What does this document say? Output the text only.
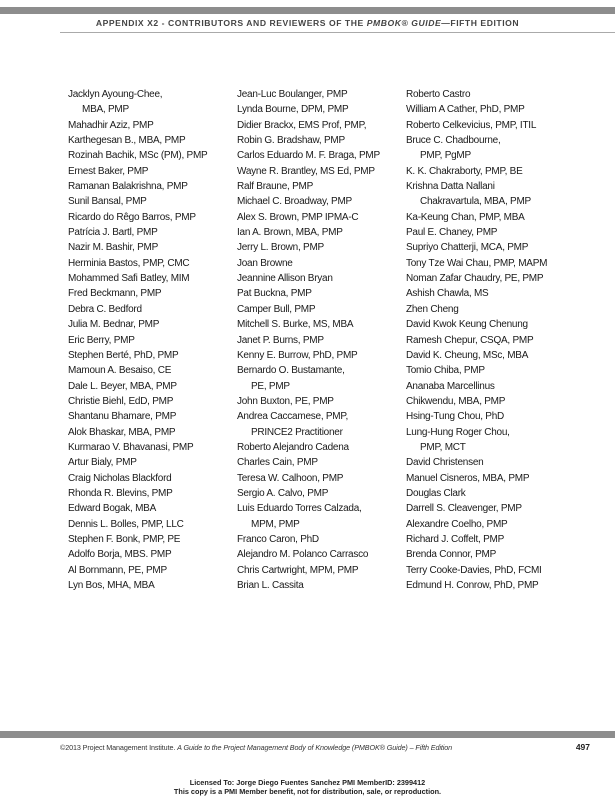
APPENDIX X2 - CONTRIBUTORS AND REVIEWERS OF THE PMBOK® GUIDE—FIFTH EDITION
Jacklyn Ayoung-Chee,
MBA, PMP
Mahadhir Aziz, PMP
Karthegesan B., MBA, PMP
Rozinah Bachik, MSc (PM), PMP
Ernest Baker, PMP
Ramanan Balakrishna, PMP
Sunil Bansal, PMP
Ricardo do Rêgo Barros, PMP
Patrícia J. Bartl, PMP
Nazir M. Bashir, PMP
Herminia Bastos, PMP, CMC
Mohammed Safi Batley, MIM
Fred Beckmann, PMP
Debra C. Bedford
Julia M. Bednar, PMP
Eric Berry, PMP
Stephen Berté, PhD, PMP
Mamoun A. Besaiso, CE
Dale L. Beyer, MBA, PMP
Christie Biehl, EdD, PMP
Shantanu Bhamare, PMP
Alok Bhaskar, MBA, PMP
Kurmarao V. Bhavanasi, PMP
Artur Bialy, PMP
Craig Nicholas Blackford
Rhonda R. Blevins, PMP
Edward Bogak, MBA
Dennis L. Bolles, PMP, LLC
Stephen F. Bonk, PMP, PE
Adolfo Borja, MBS. PMP
Al Bornmann, PE, PMP
Lyn Bos, MHA, MBA
Jean-Luc Boulanger, PMP
Lynda Bourne, DPM, PMP
Didier Brackx, EMS Prof, PMP,
Robin G. Bradshaw, PMP
Carlos Eduardo M. F. Braga, PMP
Wayne R. Brantley, MS Ed, PMP
Ralf Braune, PMP
Michael C. Broadway, PMP
Alex S. Brown, PMP IPMA-C
Ian A. Brown, MBA, PMP
Jerry L. Brown, PMP
Joan Browne
Jeannine Allison Bryan
Pat Buckna, PMP
Camper Bull, PMP
Mitchell S. Burke, MS, MBA
Janet P. Burns, PMP
Kenny E. Burrow, PhD, PMP
Bernardo O. Bustamante,
PE, PMP
John Buxton, PE, PMP
Andrea Caccamese, PMP,
PRINCE2 Practitioner
Roberto Alejandro Cadena
Charles Cain, PMP
Teresa W. Calhoon, PMP
Sergio A. Calvo, PMP
Luis Eduardo Torres Calzada,
MPM, PMP
Franco Caron, PhD
Alejandro M. Polanco Carrasco
Chris Cartwright, MPM, PMP
Brian L. Cassita
Roberto Castro
William A Cather, PhD, PMP
Roberto Celkevicius, PMP, ITIL
Bruce C. Chadbourne,
PMP, PgMP
K. K. Chakraborty, PMP, BE
Krishna Datta Nallani
Chakravartula, MBA, PMP
Ka-Keung Chan, PMP, MBA
Paul E. Chaney, PMP
Supriyo Chatterji, MCA, PMP
Tony Tze Wai Chau, PMP, MAPM
Noman Zafar Chaudry, PE, PMP
Ashish Chawla, MS
Zhen Cheng
David Kwok Keung Chenung
Ramesh Chepur, CSQA, PMP
David K. Cheung, MSc, MBA
Tomio Chiba, PMP
Ananaba Marcellinus
Chikwendu, MBA, PMP
Hsing-Tung Chou, PhD
Lung-Hung Roger Chou,
PMP, MCT
David Christensen
Manuel Cisneros, MBA, PMP
Douglas Clark
Darrell S. Cleavenger, PMP
Alexandre Coelho, PMP
Richard J. Coffelt, PMP
Brenda Connor, PMP
Terry Cooke-Davies, PhD, FCMI
Edmund H. Conrow, PhD, PMP
©2013 Project Management Institute. A Guide to the Project Management Body of Knowledge (PMBOK® Guide) – Fifth Edition	497
Licensed To: Jorge Diego Fuentes Sanchez PMI MemberID: 2399412
This copy is a PMI Member benefit, not for distribution, sale, or reproduction.
